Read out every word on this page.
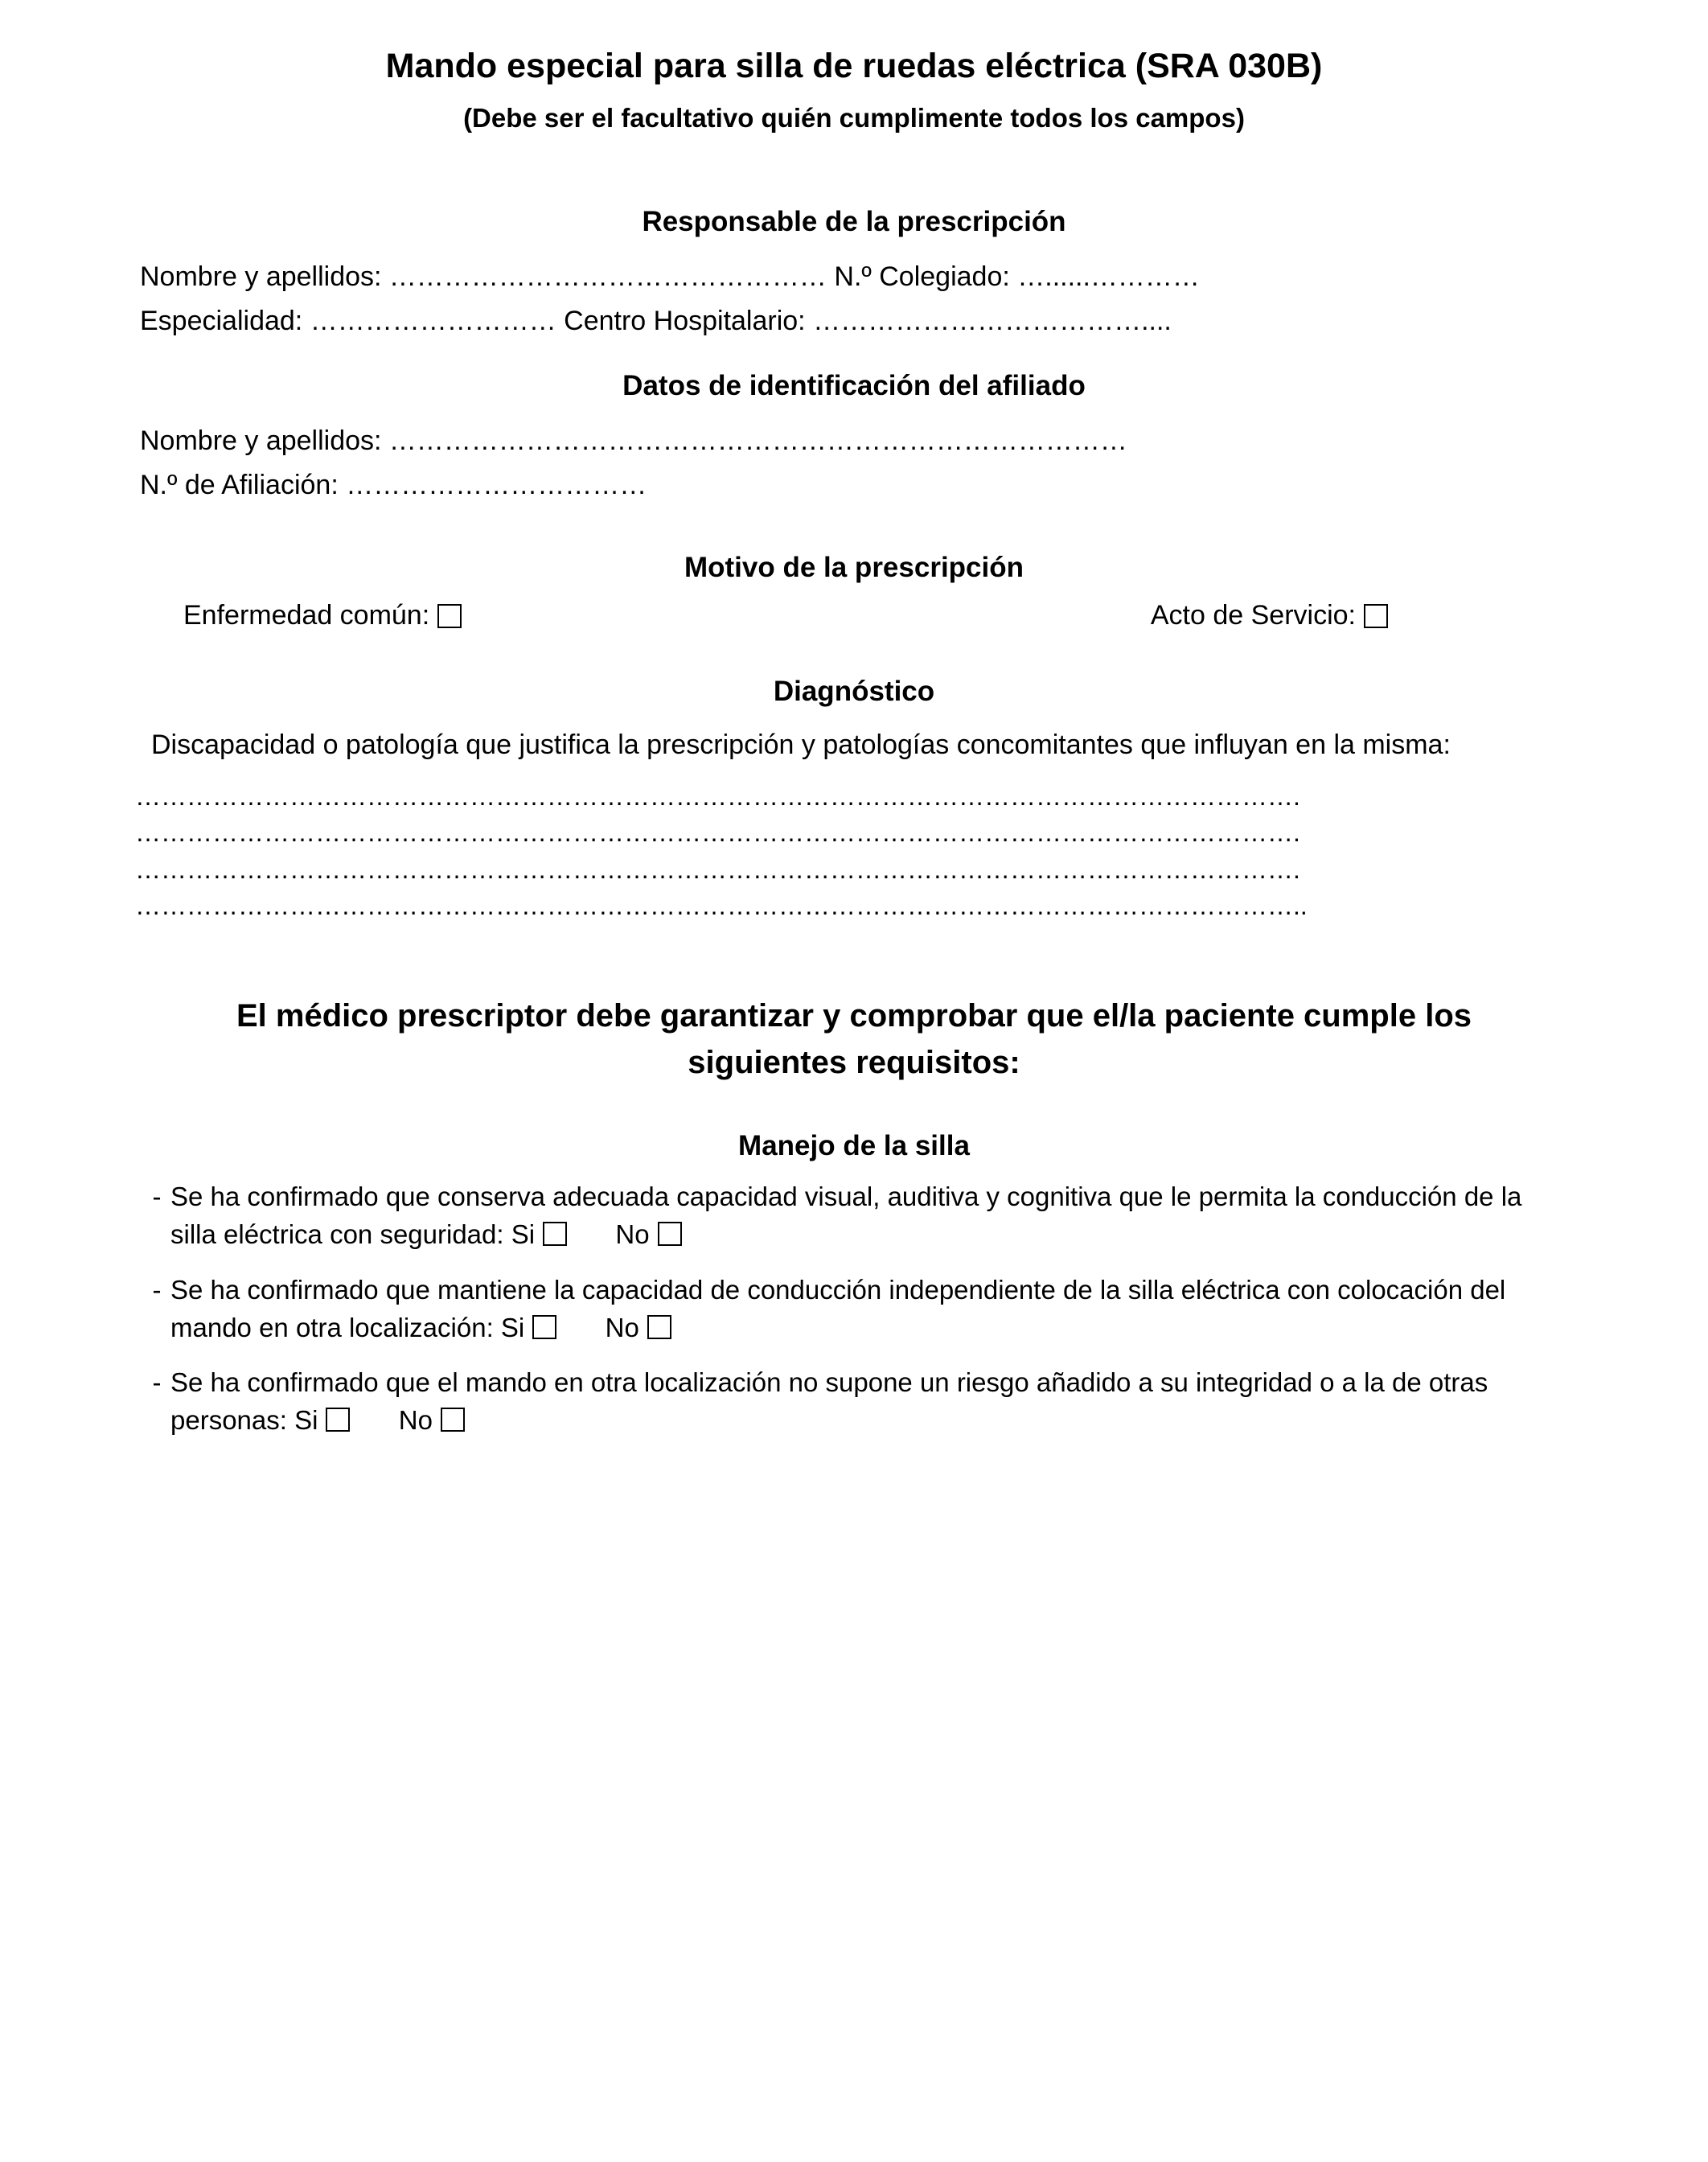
Mando especial para silla de ruedas eléctrica (SRA 030B)

(Debe ser el facultativo quién cumplimente todos los campos)

Responsable de la prescripción

Nombre y apellidos: ………………………………………… N.º Colegiado: …......…………

Especialidad: ……………………… Centro Hospitalario: ………………………………....

Datos de identificación del afiliado

Nombre y apellidos: ………………………………………………………………………

N.º de Afiliación: ……………………………

Motivo de la prescripción
Enfermedad común:	Acto de Servicio:
Diagnóstico

Discapacidad o patología que justifica la prescripción y patologías concomitantes que influyan en la misma:

……………………………………………………………………………………………………………………….

……………………………………………………………………………………………………………………….

……………………………………………………………………………………………………………………….

………………………………………………………………………………………………………………………..

El médico prescriptor debe garantizar y comprobar que el/la paciente cumple los siguientes requisitos:

Manejo de la silla
- Se ha confirmado que conserva adecuada capacidad visual, auditiva y cognitiva que le permita la conducción de la silla eléctrica con seguridad: Si	No
- Se ha confirmado que mantiene la capacidad de conducción independiente de la silla eléctrica con colocación del mando en otra localización: Si	No
- Se ha confirmado que el mando en otra localización no supone un riesgo añadido a su integridad o a la de otras personas: Si	No
